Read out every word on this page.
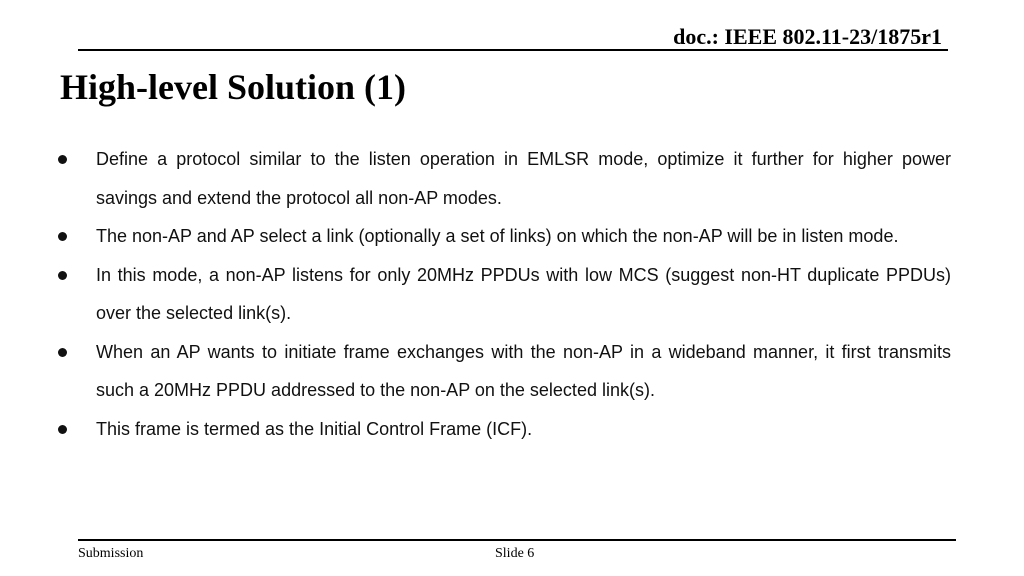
doc.: IEEE 802.11-23/1875r1
High-level Solution (1)
Define a protocol similar to the listen operation in EMLSR mode, optimize it further for higher power savings and extend the protocol all non-AP modes.
The non-AP and AP select a link (optionally a set of links) on which the non-AP will be in listen mode.
In this mode, a non-AP listens for only 20MHz PPDUs with low MCS (suggest non-HT duplicate PPDUs) over the selected link(s).
When an AP wants to initiate frame exchanges with the non-AP in a wideband manner, it first transmits such a 20MHz PPDU addressed to the non-AP on the selected link(s).
This frame is termed as the Initial Control Frame (ICF).
Submission	Slide 6
